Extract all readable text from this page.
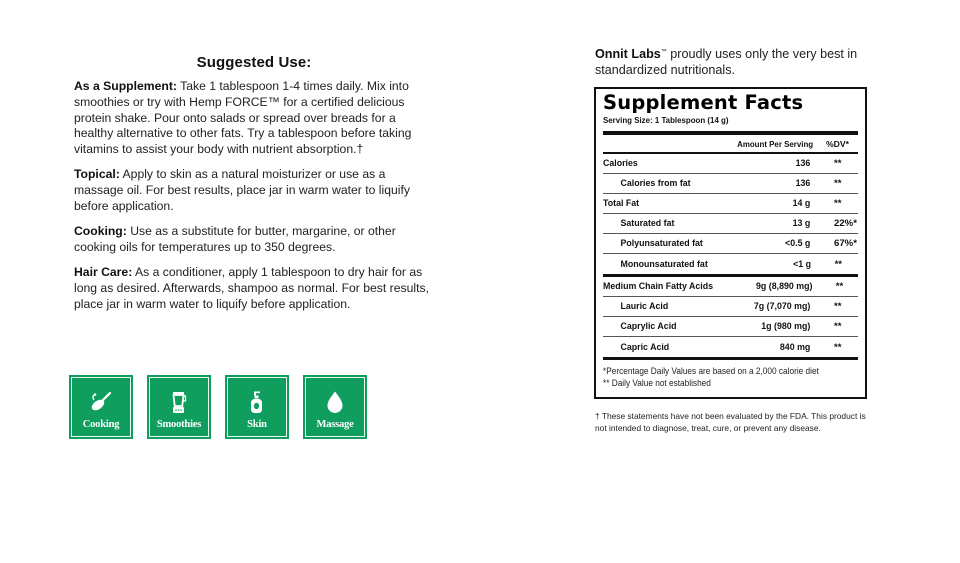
Suggested Use:

As a Supplement: Take 1 tablespoon 1-4 times daily. Mix into smoothies or try with Hemp FORCE™ for a certified delicious protein shake. Pour onto salads or spread over breads for a healthy alternative to other fats. Try a tablespoon before taking vitamins to assist your body with nutrient absorption.†

Topical: Apply to skin as a natural moisturizer or use as a massage oil. For best results, place jar in warm water to liquify before application.

Cooking: Use as a substitute for butter, margarine, or other cooking oils for temperatures up to 350 degrees.

Hair Care: As a conditioner, apply 1 tablespoon to dry hair for as long as desired. Afterwards, shampoo as normal. For best results, place jar in warm water to liquify before application.

Cooking	Smoothies	Skin	Massage

Onnit Labs™ proudly uses only the very best in standardized nutritionals.

Supplement Facts
Serving Size: 1 Tablespoon (14 g)
Amount Per Serving	%DV*
Calories	136	**
Calories from fat	136	**
Total Fat	14 g	**
Saturated fat	13 g	22%*
Polyunsaturated fat	<0.5 g	67%*
Monounsaturated fat	<1 g	**
Medium Chain Fatty Acids	9g (8,890 mg)	**
Lauric Acid	7g (7,070 mg)	**
Caprylic Acid	1g (980 mg)	**
Capric Acid	840 mg	**
*Percentage Daily Values are based on a 2,000 calorie diet
** Daily Value not established

† These statements have not been evaluated by the FDA. This product is not intended to diagnose, treat, cure, or prevent any disease.
